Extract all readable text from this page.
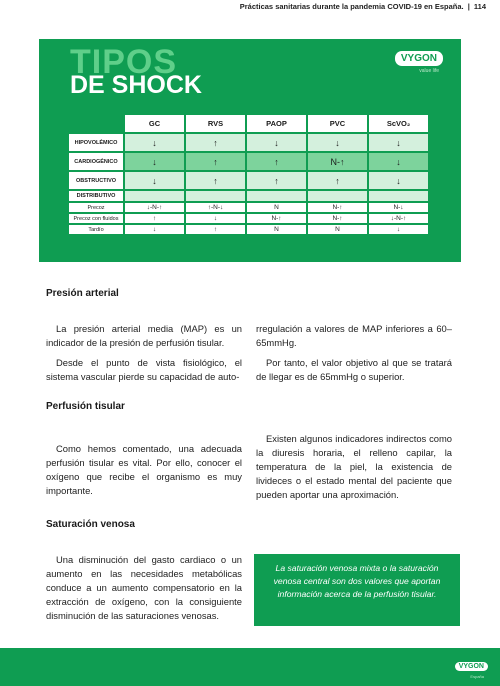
Prácticas sanitarias durante la pandemia COVID-19 en España. | 114
TIPOS
DE SHOCK
VYGON
value life
	GC	RVS	PAOP	PVC	ScVO₂
HIPOVOLÉMICO	↓	↑	↓	↓	↓
CARDIOGÉNICO	↓	↑	↑	N-↑	↓
OBSTRUCTIVO	↓	↑	↑	↑	↓
DISTRIBUTIVO					
Precoz	↓-N-↑	↑-N-↓	N	N-↑	N-↓
Precoz con fluidos	↑	↓	N-↑	N-↑	↓-N-↑
Tardío	↓	↑	N	N	↓
Presión arterial

La presión arterial media (MAP) es un indicador de la presión de perfusión tisular.

Desde el punto de vista fisiológico, el sistema vascular pierde su capacidad de auto-

rregulación a valores de MAP inferiores a 60–65mmHg.

Por tanto, el valor objetivo al que se tratará de llegar es de 65mmHg o superior.

Perfusión tisular

Como hemos comentado, una adecuada perfusión tisular es vital. Por ello, conocer el oxígeno que recibe el organismo es muy importante.

Existen algunos indicadores indirectos como la diuresis horaria, el relleno capilar, la temperatura de la piel, la existencia de livideces o el estado mental del paciente que pueden aportar una aproximación.

Saturación venosa

Una disminución del gasto cardiaco o un aumento en las necesidades metabólicas conduce a un aumento compensatorio en la extracción de oxígeno, con la consiguiente disminución de las saturaciones venosas.

La saturación venosa mixta o la saturación venosa central son dos valores que aportan información acerca de la perfusión tisular.
VYGON
España
